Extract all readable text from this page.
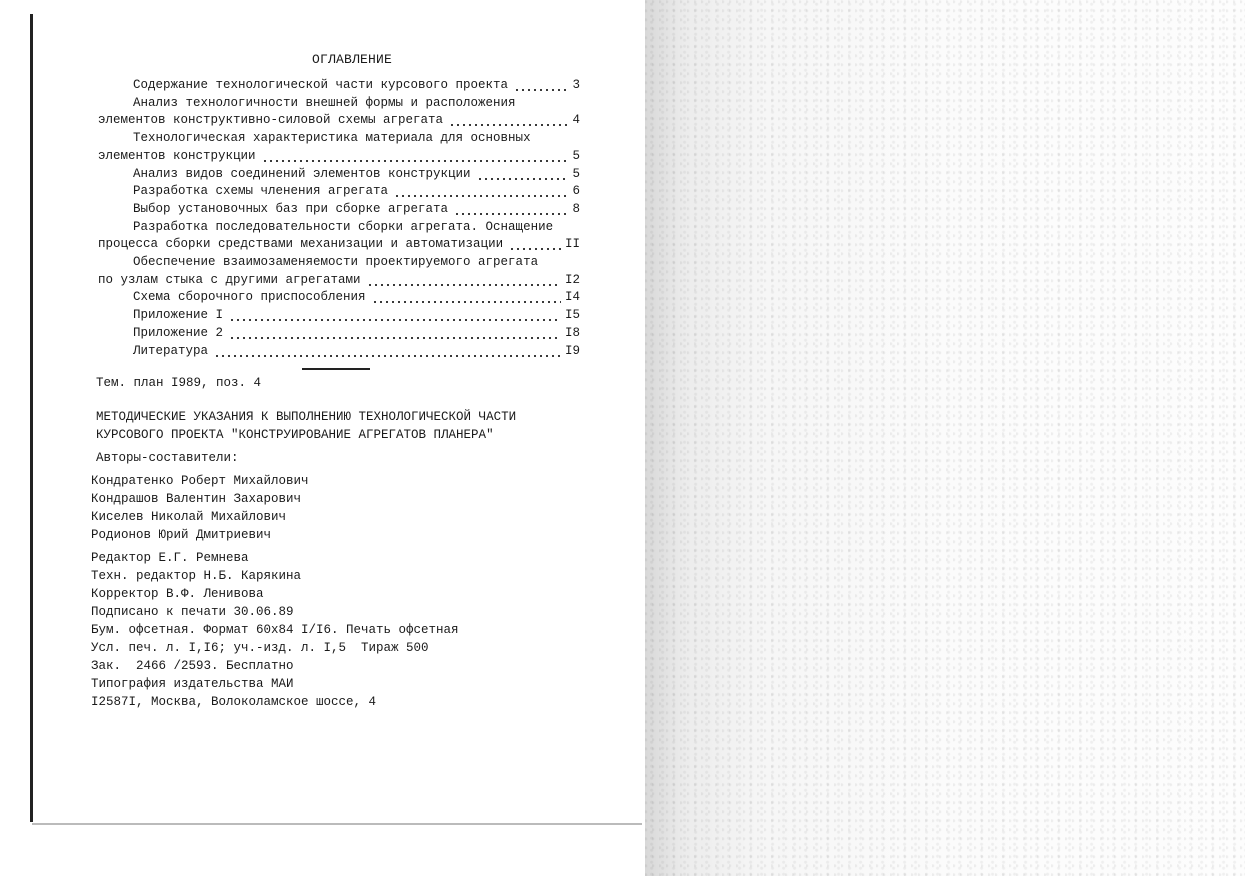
ОГЛАВЛЕНИЕ
Содержание технологической части курсового проекта	3
Анализ технологичности внешней формы и расположения
элементов конструктивно-силовой схемы агрегата	4
Технологическая характеристика материала для основных
элементов конструкции	5
Анализ видов соединений элементов конструкции	5
Разработка схемы членения агрегата	6
Выбор установочных баз при сборке агрегата	8
Разработка последовательности сборки агрегата. Оснащение
процесса сборки средствами механизации и автоматизации	II
Обеспечение взаимозаменяемости проектируемого агрегата
по узлам стыка с другими агрегатами	I2
Схема сборочного приспособления	I4
Приложение I	I5
Приложение 2	I8
Литература	I9
Тем. план I989, поз. 4
МЕТОДИЧЕСКИЕ УКАЗАНИЯ К ВЫПОЛНЕНИЮ ТЕХНОЛОГИЧЕСКОЙ ЧАСТИ
КУРСОВОГО ПРОЕКТА "КОНСТРУИРОВАНИЕ АГРЕГАТОВ ПЛАНЕРА"
Авторы-составители:
Кондратенко Роберт Михайлович
Кондрашов Валентин Захарович
Киселев Николай Михайлович
Родионов Юрий Дмитриевич
Редактор Е.Г. Ремнева
Техн. редактор Н.Б. Карякина
Корректор В.Ф. Ленивова
Подписано к печати 30.06.89
Бум. офсетная. Формат 60x84 I/I6. Печать офсетная
Усл. печ. л. I,I6; уч.-изд. л. I,5  Тираж 500
Зак.  2466 /2593. Бесплатно
Типография издательства МАИ
I2587I, Москва, Волоколамское шоссе, 4
